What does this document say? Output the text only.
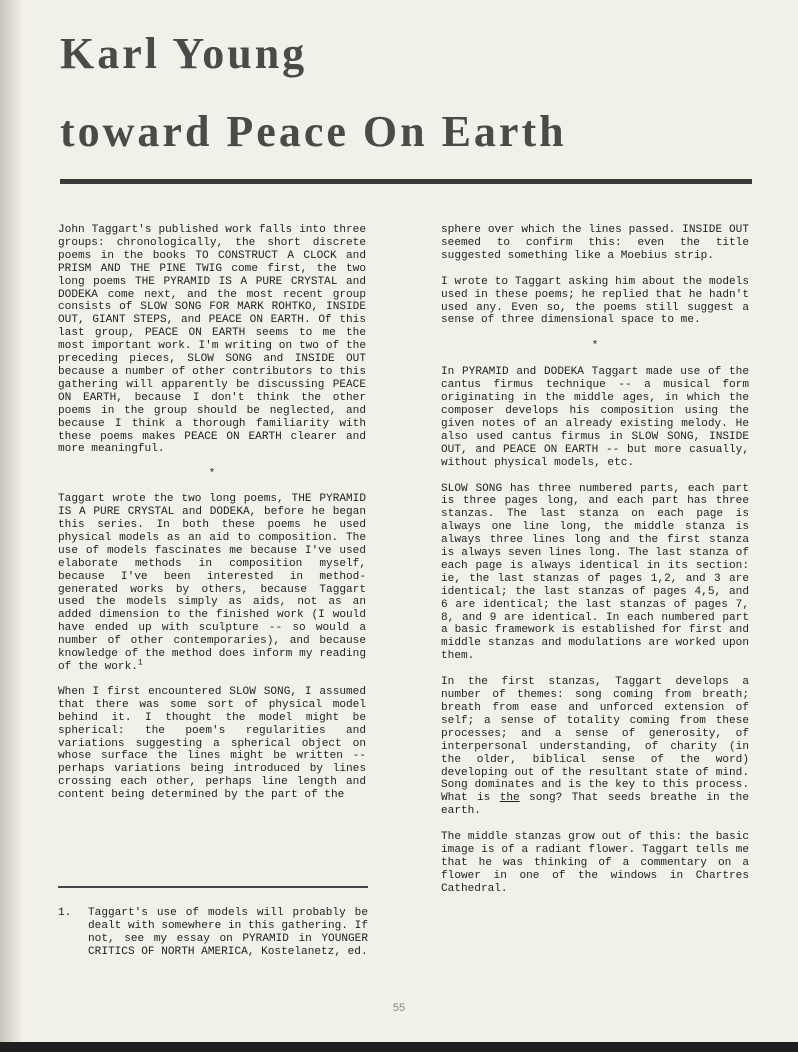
Karl Young
toward Peace On Earth

John Taggart's published work falls into three groups: chronologically, the short discrete poems in the books TO CONSTRUCT A CLOCK and PRISM AND THE PINE TWIG come first, the two long poems THE PYRAMID IS A PURE CRYSTAL and DODEKA come next, and the most recent group consists of SLOW SONG FOR MARK ROHTKO, INSIDE OUT, GIANT STEPS, and PEACE ON EARTH. Of this last group, PEACE ON EARTH seems to me the most important work. I'm writing on two of the preceding pieces, SLOW SONG and INSIDE OUT because a number of other contributors to this gathering will apparently be discussing PEACE ON EARTH, because I don't think the other poems in the group should be neglected, and because I think a thorough familiarity with these poems makes PEACE ON EARTH clearer and more meaningful.

*

Taggart wrote the two long poems, THE PYRAMID IS A PURE CRYSTAL and DODEKA, before he began this series. In both these poems he used physical models as an aid to composition. The use of models fascinates me because I've used elaborate methods in composition myself, because I've been interested in method-generated works by others, because Taggart used the models simply as aids, not as an added dimension to the finished work (I would have ended up with sculpture -- so would a number of other contemporaries), and because knowledge of the method does inform my reading of the work.$^1$

When I first encountered SLOW SONG, I assumed that there was some sort of physical model behind it. I thought the model might be spherical: the poem's regularities and variations suggesting a spherical object on whose surface the lines might be written -- perhaps variations being introduced by lines crossing each other, perhaps line length and content being determined by the part of the

sphere over which the lines passed. INSIDE OUT seemed to confirm this: even the title suggested something like a Moebius strip.

I wrote to Taggart asking him about the models used in these poems; he replied that he hadn't used any. Even so, the poems still suggest a sense of three dimensional space to me.

*

In PYRAMID and DODEKA Taggart made use of the cantus firmus technique -- a musical form originating in the middle ages, in which the composer develops his composition using the given notes of an already existing melody. He also used cantus firmus in SLOW SONG, INSIDE OUT, and PEACE ON EARTH -- but more casually, without physical models, etc.

SLOW SONG has three numbered parts, each part is three pages long, and each part has three stanzas. The last stanza on each page is always one line long, the middle stanza is always three lines long and the first stanza is always seven lines long. The last stanza of each page is always identical in its section: ie, the last stanzas of pages 1,2, and 3 are identical; the last stanzas of pages 4,5, and 6 are identical; the last stanzas of pages 7, 8, and 9 are identical. In each numbered part a basic framework is established for first and middle stanzas and modulations are worked upon them.

In the first stanzas, Taggart develops a number of themes: song coming from breath; breath from ease and unforced extension of self; a sense of totality coming from these processes; and a sense of generosity, of interpersonal understanding, of charity (in the older, biblical sense of the word) developing out of the resultant state of mind. Song dominates and is the key to this process. What is the song? That seeds breathe in the earth.

The middle stanzas grow out of this: the basic image is of a radiant flower. Taggart tells me that he was thinking of a commentary on a flower in one of the windows in Chartres Cathedral.

1.	Taggart's use of models will probably be dealt with somewhere in this gathering. If not, see my essay on PYRAMID in YOUNGER CRITICS OF NORTH AMERICA, Kostelanetz, ed.
55
